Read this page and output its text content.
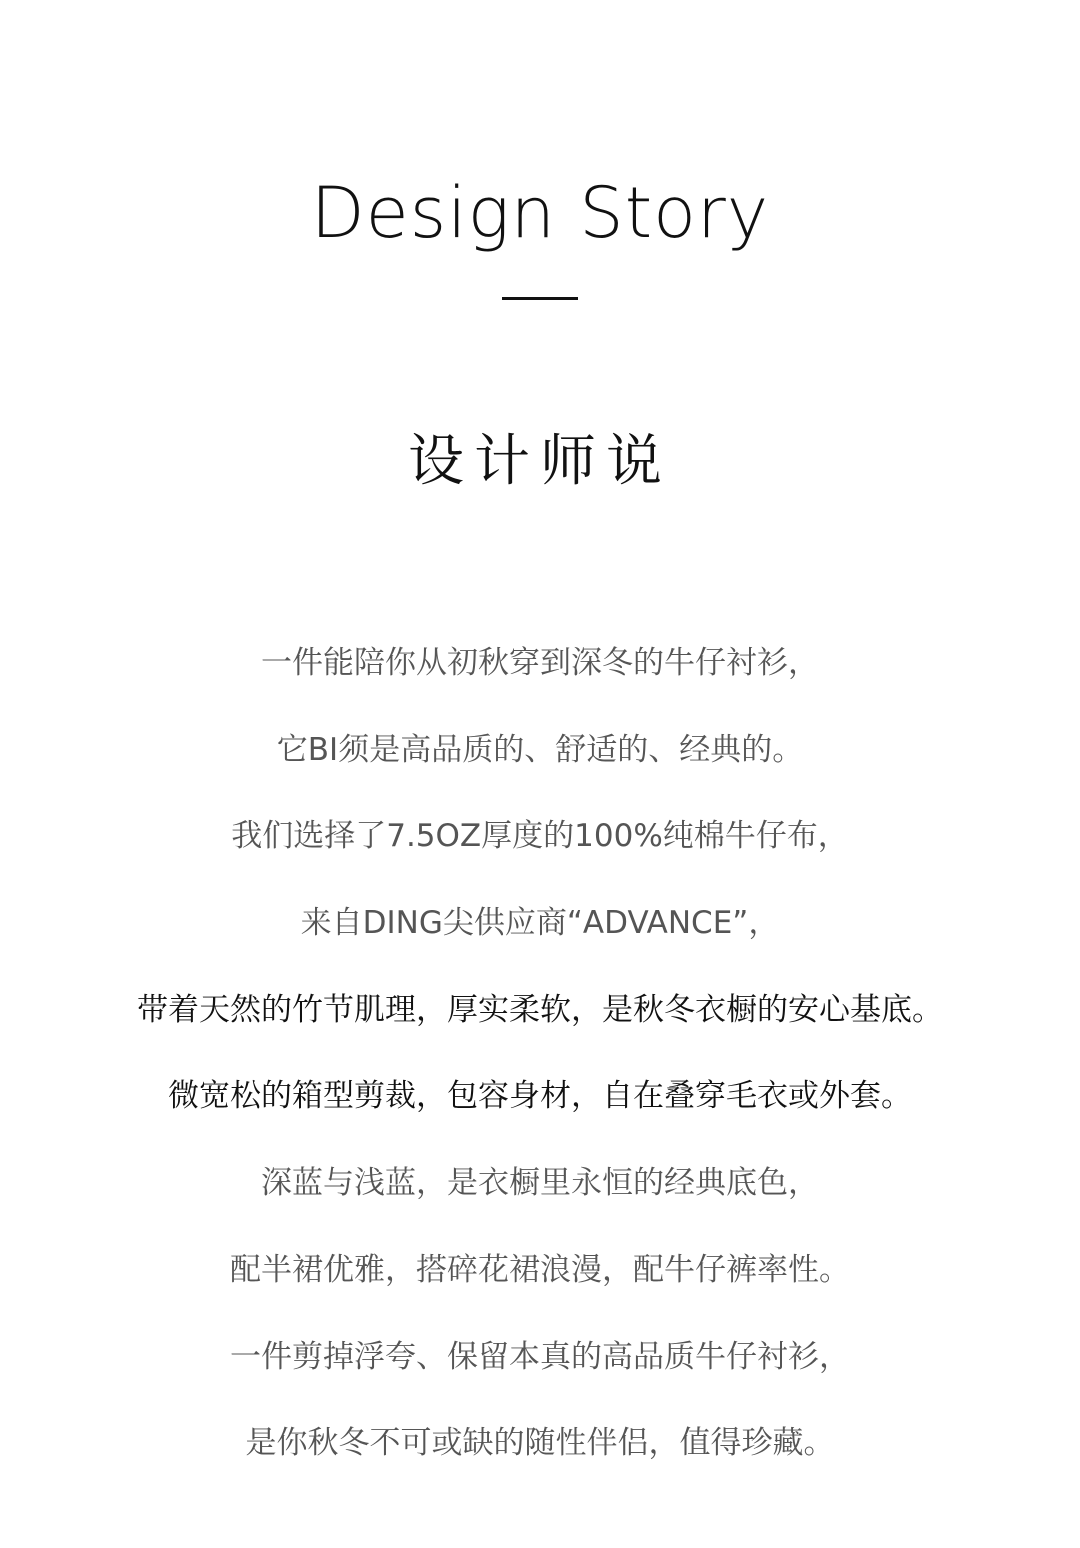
Design Story
设计师说
一件能陪你从初秋穿到深冬的牛仔衬衫，
它BI须是高品质的、舒适的、经典的。
我们选择了7.5OZ厚度的100%纯棉牛仔布，
来自DING尖供应商“ADVANCE”，
带着天然的竹节肌理，厚实柔软，是秋冬衣橱的安心基底。
微宽松的箱型剪裁，包容身材，自在叠穿毛衣或外套。
深蓝与浅蓝，是衣橱里永恒的经典底色，
配半裙优雅，搭碎花裙浪漫，配牛仔裤率性。
一件剪掉浮夸、保留本真的高品质牛仔衬衫，
是你秋冬不可或缺的随性伴侣，值得珍藏。
